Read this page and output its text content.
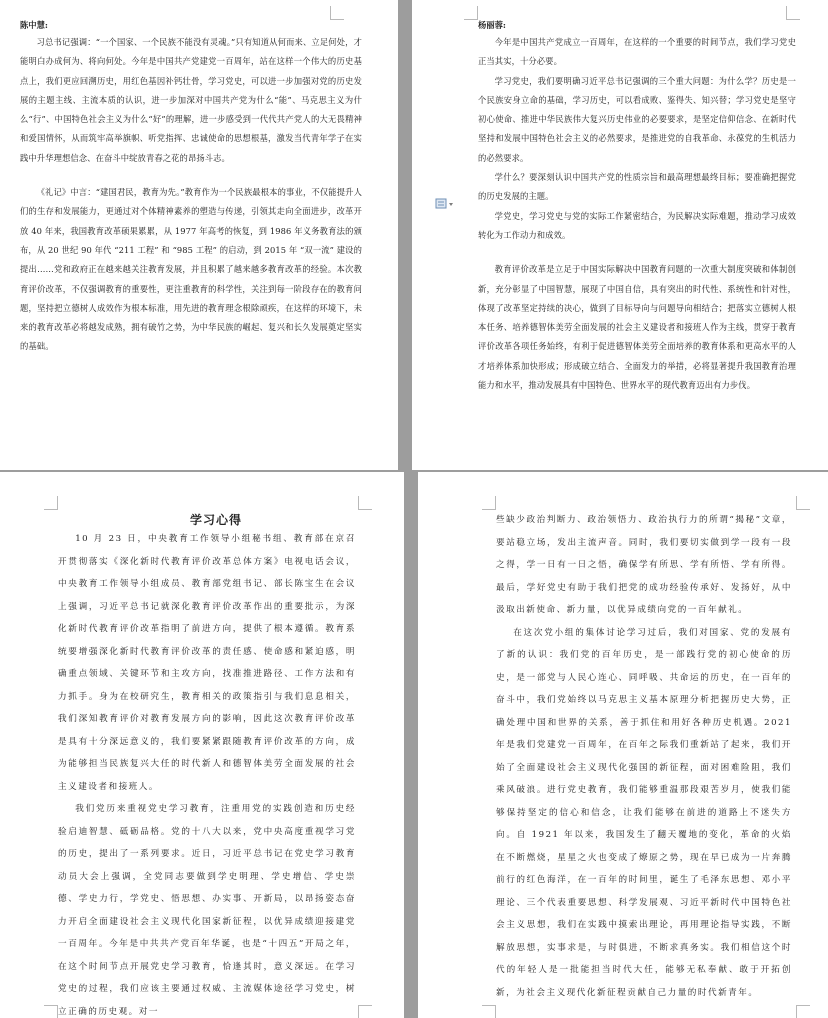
陈中慧:

习总书记强调：“一个国家、一个民族不能没有灵魂。”只有知道从何而来、立足何处，才能明白办成何为、将向何处。今年是中国共产党建党一百周年，站在这样一个伟大的历史基点上，我们更应回溯历史，用红色基因补钙壮骨，学习党史，可以进一步加强对党的历史发展的主题主线、主流本质的认识，进一步加深对中国共产党为什么“能”、马克思主义为什么“行”、中国特色社会主义为什么“好”的理解，进一步感受到一代代共产党人的大无畏精神和爱国情怀，从而筑牢高举旗帜、听党指挥、忠诚使命的思想根基，激发当代青年学子在实践中升华理想信念、在奋斗中绽放青春之花的昂扬斗志。

《礼记》中言：“建国君民，教育为先。”教育作为一个民族最根本的事业，不仅能提升人们的生存和发展能力，更通过对个体精神素养的塑造与传递，引领其走向全面进步，改革开放 40 年来，我国教育改革硕果累累，从 1977 年高考的恢复，到 1986 年义务教育法的颁布，从 20 世纪 90 年代 “211 工程” 和 “985 工程” 的启动，到 2015 年 “双一流” 建设的提出……党和政府正在越来越关注教育发展，并且积累了越来越多教育改革的经验。本次教育评价改革，不仅强调教育的重要性，更注重教育的科学性，关注到每一阶段存在的教育问题，坚持把立德树人成效作为根本标准，用先进的教育理念根除顽疾，在这样的环境下，未来的教育改革必将越发成熟，拥有破竹之势，为中华民族的崛起、复兴和长久发展奠定坚实的基础。

杨丽蓉:

今年是中国共产党成立一百周年，在这样的一个重要的时间节点，我们学习党史正当其实，十分必要。

学习党史，我们要明确习近平总书记强调的三个重大问题：为什么学？历史是一个民族安身立命的基础，学习历史，可以看成败、鉴得失、知兴替；学习党史是坚守初心使命、推进中华民族伟大复兴历史伟业的必要要求，是坚定信仰信念、在新时代坚持和发展中国特色社会主义的必然要求，是推进党的自我革命、永葆党的生机活力的必然要求。

学什么？要深刻认识中国共产党的性质宗旨和最高理想最终目标；要准确把握党的历史发展的主题。

学党史，学习党史与党的实际工作紧密结合，为民解决实际难题，推动学习成效转化为工作动力和成效。

教育评价改革是立足于中国实际解决中国教育问题的一次重大制度突破和体制创新，充分彰显了中国智慧，展现了中国自信，具有突出的时代性、系统性和针对性，体现了改革坚定持续的决心，做到了目标导向与问题导向相结合；把落实立德树人根本任务、培养德智体美劳全面发展的社会主义建设者和接班人作为主线，贯穿于教育评价改革各项任务始终，有利于促进德智体美劳全面培养的教育体系和更高水平的人才培养体系加快形成；形成破立结合、全面发力的举措，必将显著提升我国教育治理能力和水平，推动发展具有中国特色、世界水平的现代教育迈出有力步伐。

学习心得

10 月 23 日，中央教育工作领导小组秘书组、教育部在京召开贯彻落实《深化新时代教育评价改革总体方案》电视电话会议，中央教育工作领导小组成员、教育部党组书记、部长陈宝生在会议上强调，习近平总书记就深化教育评价改革作出的重要批示，为深化新时代教育评价改革指明了前进方向，提供了根本遵循。教育系统要增强深化新时代教育评价改革的责任感、使命感和紧迫感，明确重点领域、关键环节和主攻方向，找准推进路径、工作方法和有力抓手。身为在校研究生，教育相关的政策指引与我们息息相关，我们深知教育评价对教育发展方向的影响，因此这次教育评价改革是具有十分深远意义的，我们要紧紧跟随教育评价改革的方向，成为能够担当民族复兴大任的时代新人和德智体美劳全面发展的社会主义建设者和接班人。

我们党历来重视党史学习教育，注重用党的实践创造和历史经验启迪智慧、砥砺品格。党的十八大以来，党中央高度重视学习党的历史，提出了一系列要求。近日，习近平总书记在党史学习教育动员大会上强调，全党同志要做到学史明理、学史增信、学史崇德、学史力行，学党史、悟思想、办实事、开新局，以昂扬姿态奋力开启全面建设社会主义现代化国家新征程，以优异成绩迎接建党一百周年。今年是中共共产党百年华诞，也是“十四五”开局之年，在这个时间节点开展党史学习教育，恰逢其时，意义深远。在学习党史的过程，我们应该主要通过权威、主流媒体途径学习党史，树立正确的历史观。对一

些缺少政治判断力、政治领悟力、政治执行力的所谓“揭秘”文章，要站稳立场，发出主流声音。同时，我们要切实做到学一段有一段之得，学一日有一日之悟，确保学有所思、学有所悟、学有所得。最后，学好党史有助于我们把党的成功经验传承好、发扬好，从中汲取出新使命、新力量，以优异成绩向党的一百年献礼。

在这次党小组的集体讨论学习过后，我们对国家、党的发展有了新的认识：我们党的百年历史，是一部践行党的初心使命的历史，是一部党与人民心连心、同呼吸、共命运的历史，在一百年的奋斗中，我们党始终以马克思主义基本原理分析把握历史大势，正确处理中国和世界的关系，善于抓住和用好各种历史机遇。2021 年是我们党建党一百周年，在百年之际我们重新站了起来，我们开始了全面建设社会主义现代化强国的新征程，面对困难险阻，我们乘风破浪。进行党史教育，我们能够重温那段艰苦岁月，使我们能够保持坚定的信心和信念，让我们能够在前进的道路上不迷失方向。自 1921 年以来，我国发生了翻天覆地的变化，革命的火焰在不断燃烧，星星之火也变成了燎原之势，现在早已成为一片奔腾前行的红色海洋，在一百年的时间里，诞生了毛泽东思想、邓小平理论、三个代表重要思想、科学发展观、习近平新时代中国特色社会主义思想，我们在实践中摸索出理论，再用理论指导实践，不断解放思想，实事求是，与时俱进，不断求真务实。我们相信这个时代的年轻人是一批能担当时代大任，能够无私奉献、敢于开拓创新，为社会主义现代化新征程贡献自己力量的时代新青年。
